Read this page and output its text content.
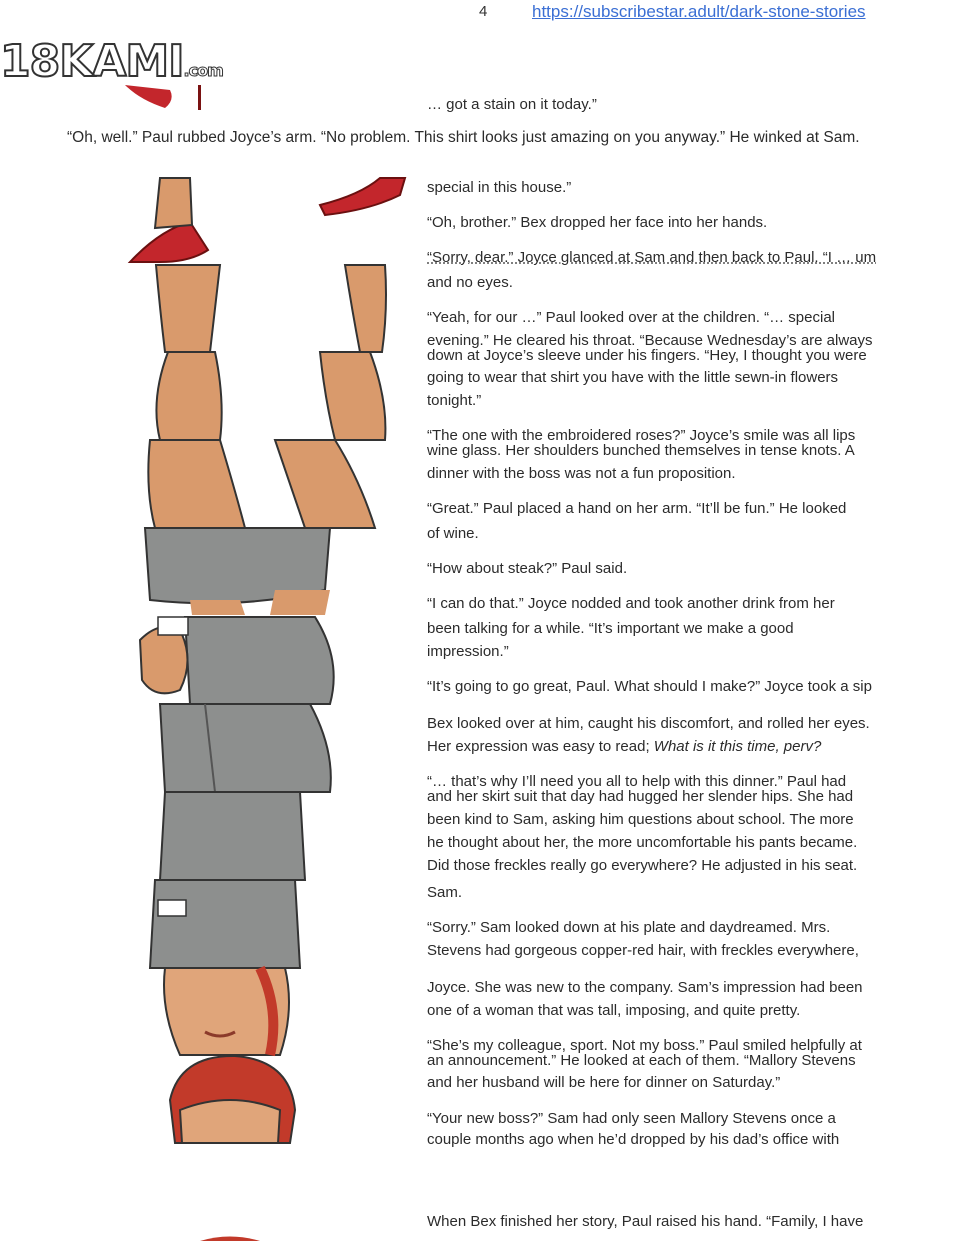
4	https://subscribestar.adult/dark-stone-stories
18KAMI.com
“Oh, well.” Paul rubbed Joyce’s arm. “No problem. This shirt looks just amazing on you anyway.” He winked at Sam.

… got a stain on it today.”

special in this house.”

“Oh, brother.” Bex dropped her face into her hands.

“Sorry, dear.” Joyce glanced at Sam and then back to Paul. “I … um

and no eyes.

“Yeah, for our …” Paul looked over at the children. “… special

evening.” He cleared his throat. “Because Wednesday’s are always

down at Joyce’s sleeve under his fingers. “Hey, I thought you were

going to wear that shirt you have with the little sewn-in flowers

tonight.”

“The one with the embroidered roses?” Joyce’s smile was all lips

wine glass. Her shoulders bunched themselves in tense knots. A

dinner with the boss was not a fun proposition.

“Great.” Paul placed a hand on her arm. “It’ll be fun.” He looked

of wine.

“How about steak?” Paul said.

“I can do that.” Joyce nodded and took another drink from her

been talking for a while. “It’s important we make a good

impression.”

“It’s going to go great, Paul. What should I make?” Joyce took a sip

Bex looked over at him, caught his discomfort, and rolled her eyes.

Her expression was easy to read; What is it this time, perv?

“… that’s why I’ll need you all to help with this dinner.” Paul had

and her skirt suit that day had hugged her slender hips. She had

been kind to Sam, asking him questions about school. The more

he thought about her, the more uncomfortable his pants became.

Did those freckles really go everywhere? He adjusted in his seat.

Sam.

“Sorry.” Sam looked down at his plate and daydreamed. Mrs.

Stevens had gorgeous copper-red hair, with freckles everywhere,

Joyce. She was new to the company. Sam’s impression had been

one of a woman that was tall, imposing, and quite pretty.

“She’s my colleague, sport. Not my boss.” Paul smiled helpfully at

an announcement.” He looked at each of them. “Mallory Stevens

and her husband will be here for dinner on Saturday.”

“Your new boss?” Sam had only seen Mallory Stevens once a

couple months ago when he’d dropped by his dad’s office with

When Bex finished her story, Paul raised his hand. “Family, I have
